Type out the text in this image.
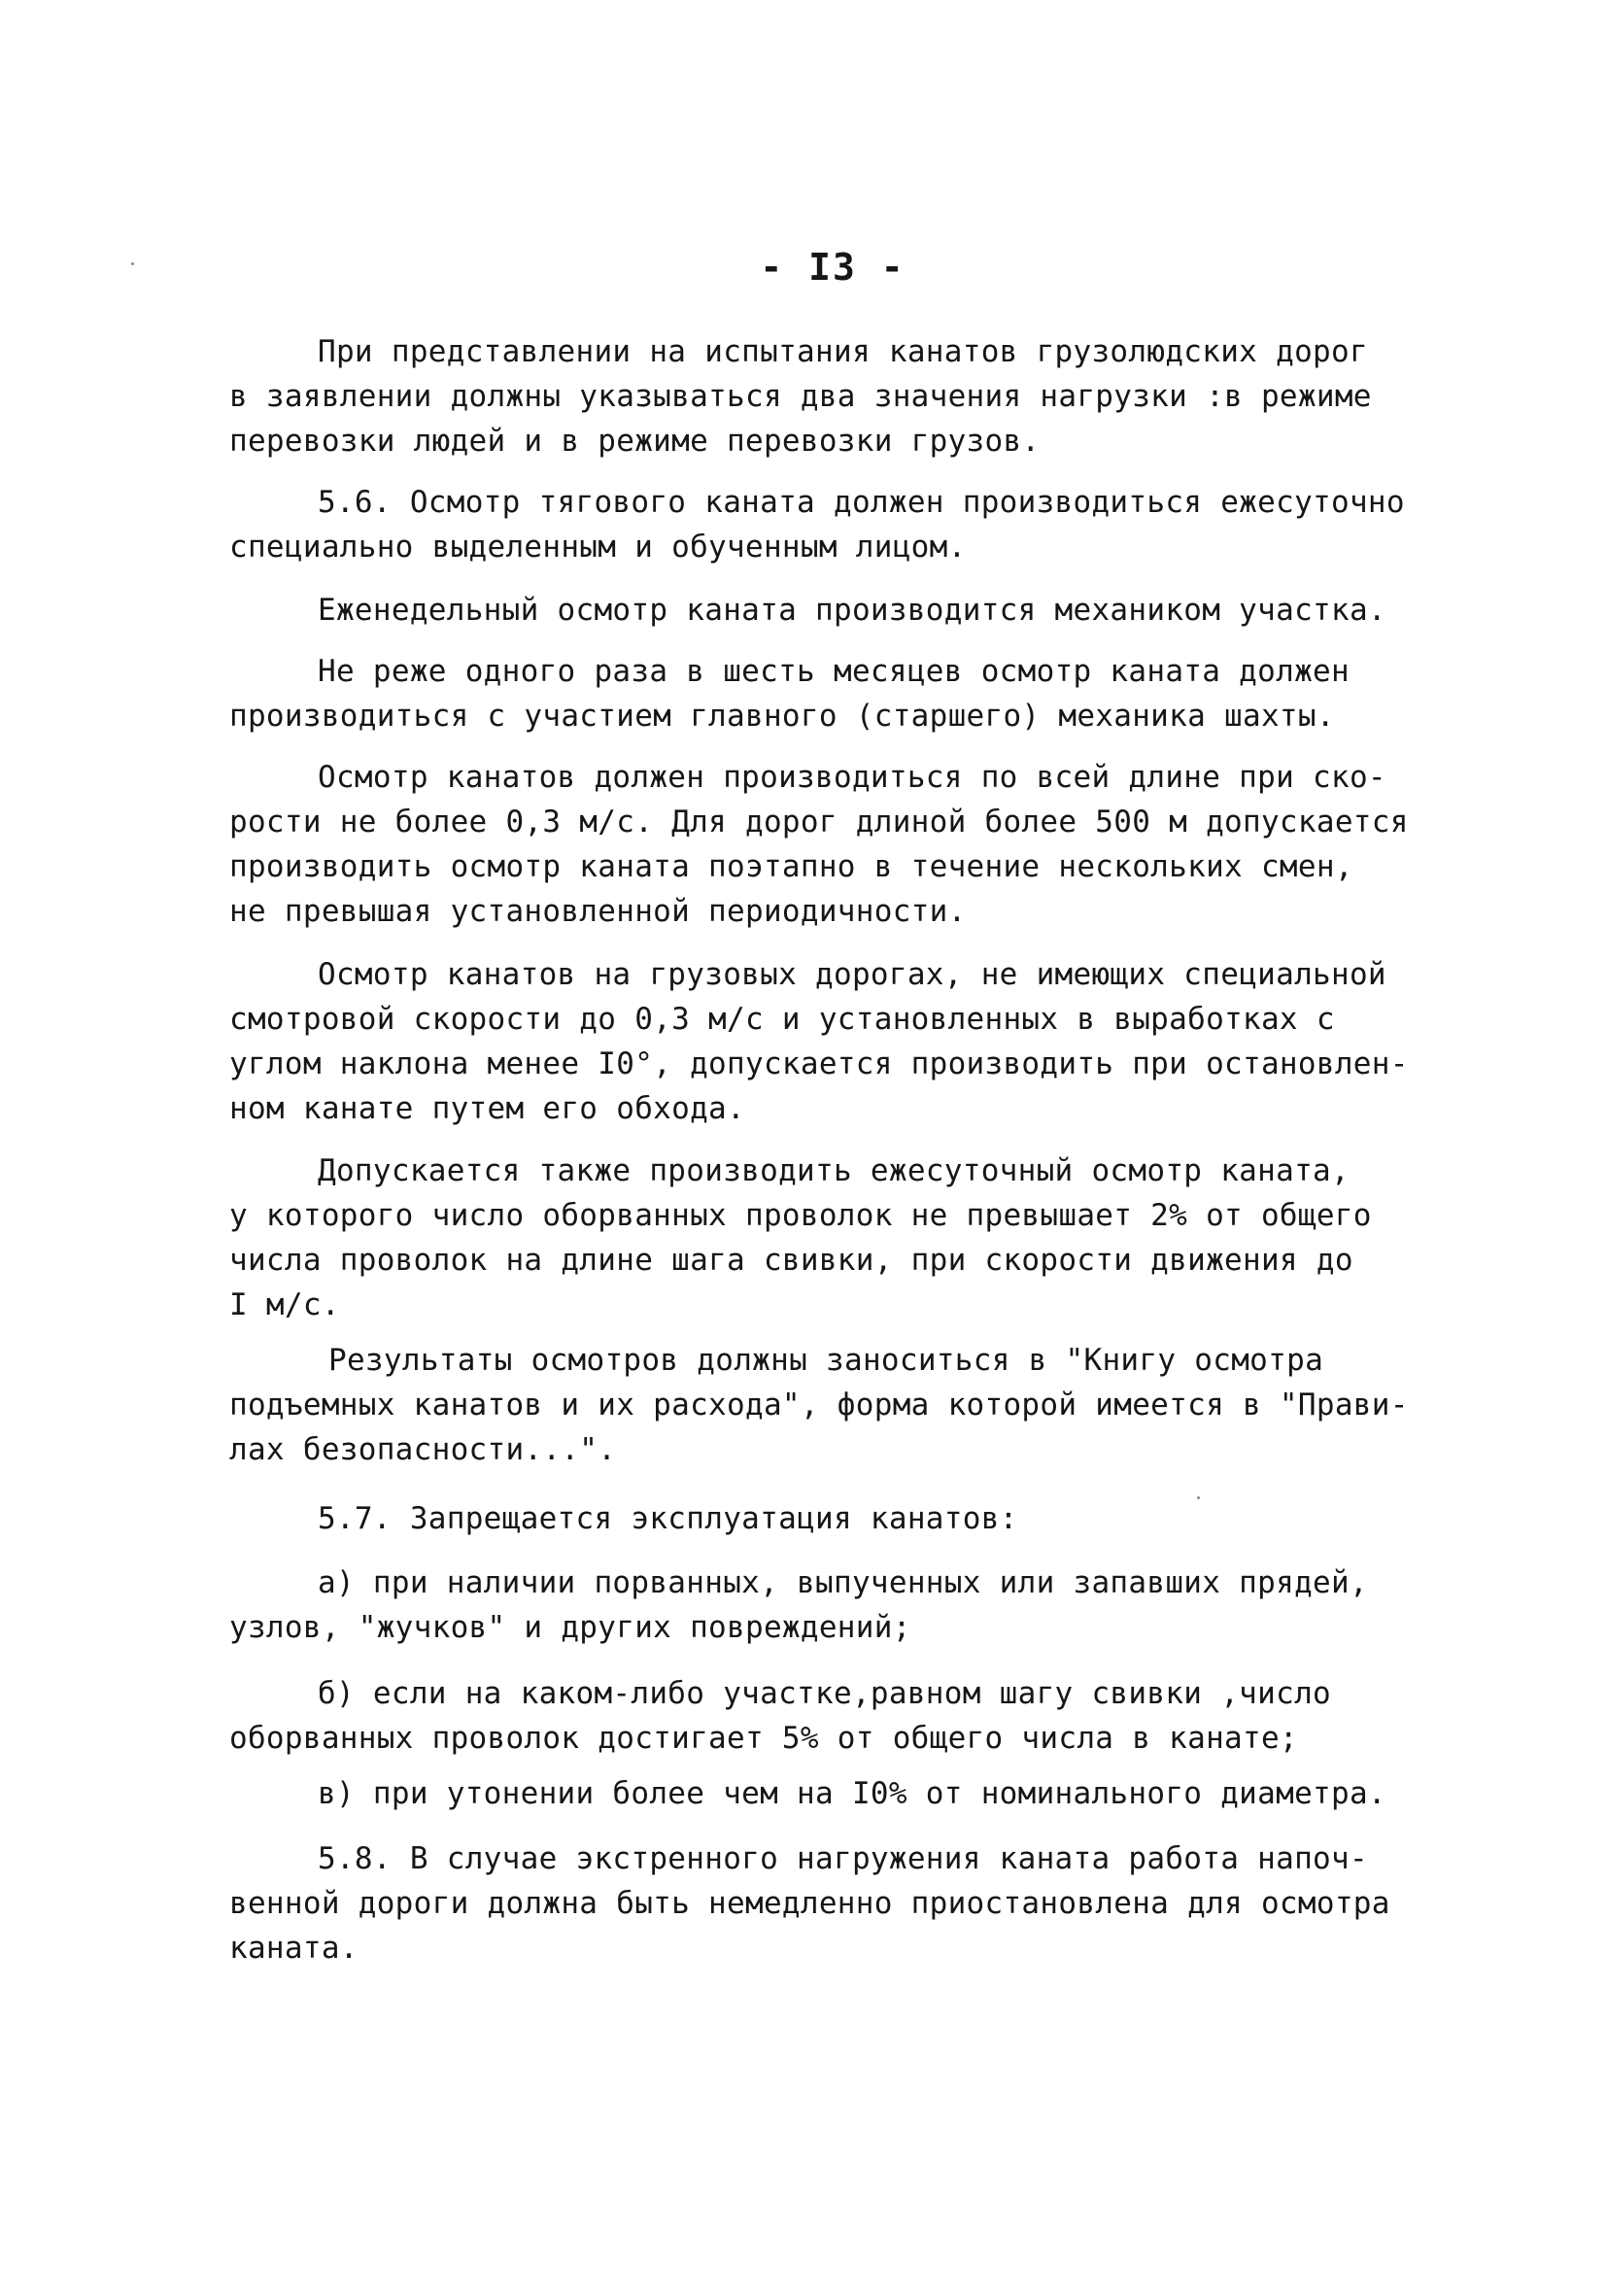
- I3 -
При представлении на испытания канатов грузолюдских дорог
в заявлении должны указываться два значения нагрузки :в режиме
перевозки людей и в режиме перевозки грузов.
5.6. Осмотр тягового каната должен производиться ежесуточно
специально выделенным и обученным лицом.
Еженедельный осмотр каната производится механиком участка.
Не реже одного раза в шесть месяцев осмотр каната должен
производиться с участием главного (старшего) механика шахты.
Осмотр канатов должен производиться по всей длине при ско-
рости не более 0,3 м/с. Для дорог длиной более 500 м допускается
производить осмотр каната поэтапно в течение нескольких смен,
не превышая установленной периодичности.
Осмотр канатов на грузовых дорогах, не имеющих специальной
смотровой скорости до 0,3 м/с и установленных в выработках с
углом наклона менее I0°, допускается производить при остановлен-
ном канате путем его обхода.
Допускается также производить ежесуточный осмотр каната,
у которого число оборванных проволок не превышает 2% от общего
числа проволок на длине шага свивки, при скорости движения до
I м/с.
Результаты осмотров должны заноситься в "Книгу осмотра
подъемных канатов и их расхода", форма которой имеется в "Прави-
лах безопасности...".
5.7. Запрещается эксплуатация канатов:
а) при наличии порванных, выпученных или запавших прядей,
узлов, "жучков" и других повреждений;
б) если на каком-либо участке,равном шагу свивки ,число
оборванных проволок достигает 5% от общего числа в канате;
в) при утонении более чем на I0% от номинального диаметра.
5.8. В случае экстренного нагружения каната работа напоч-
венной дороги должна быть немедленно приостановлена для осмотра
каната.
